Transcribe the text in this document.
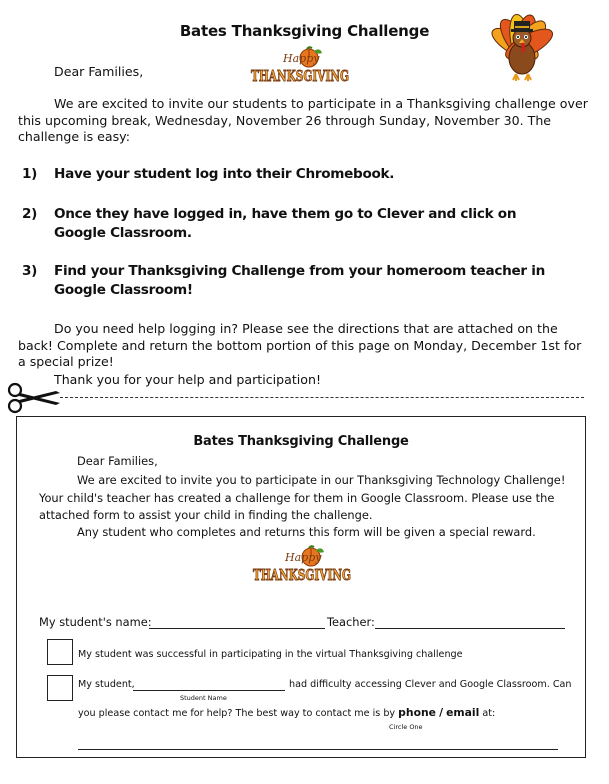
Bates Thanksgiving Challenge
Dear Families,
Happy
THANKSGIVING
We are excited to invite our students to participate in a Thanksgiving challenge over this upcoming break, Wednesday, November 26 through Sunday, November 30. The challenge is easy:
1) Have your student log into their Chromebook.
2) Once they have logged in, have them go to Clever and click on Google Classroom.
3) Find your Thanksgiving Challenge from your homeroom teacher in Google Classroom!
Do you need help logging in? Please see the directions that are attached on the back! Complete and return the bottom portion of this page on Monday, December 1st for a special prize!
Thank you for your help and participation!
Bates Thanksgiving Challenge
Dear Families,
We are excited to invite you to participate in our Thanksgiving Technology Challenge! Your child's teacher has created a challenge for them in Google Classroom. Please use the attached form to assist your child in finding the challenge.
Any student who completes and returns this form will be given a special reward.
Happy
THANKSGIVING
My student's name:	Teacher:
My student was successful in participating in the virtual Thanksgiving challenge
My student,	had difficulty accessing Clever and Google Classroom. Can
Student Name
you please contact me for help? The best way to contact me is by phone / email at:
Circle One
